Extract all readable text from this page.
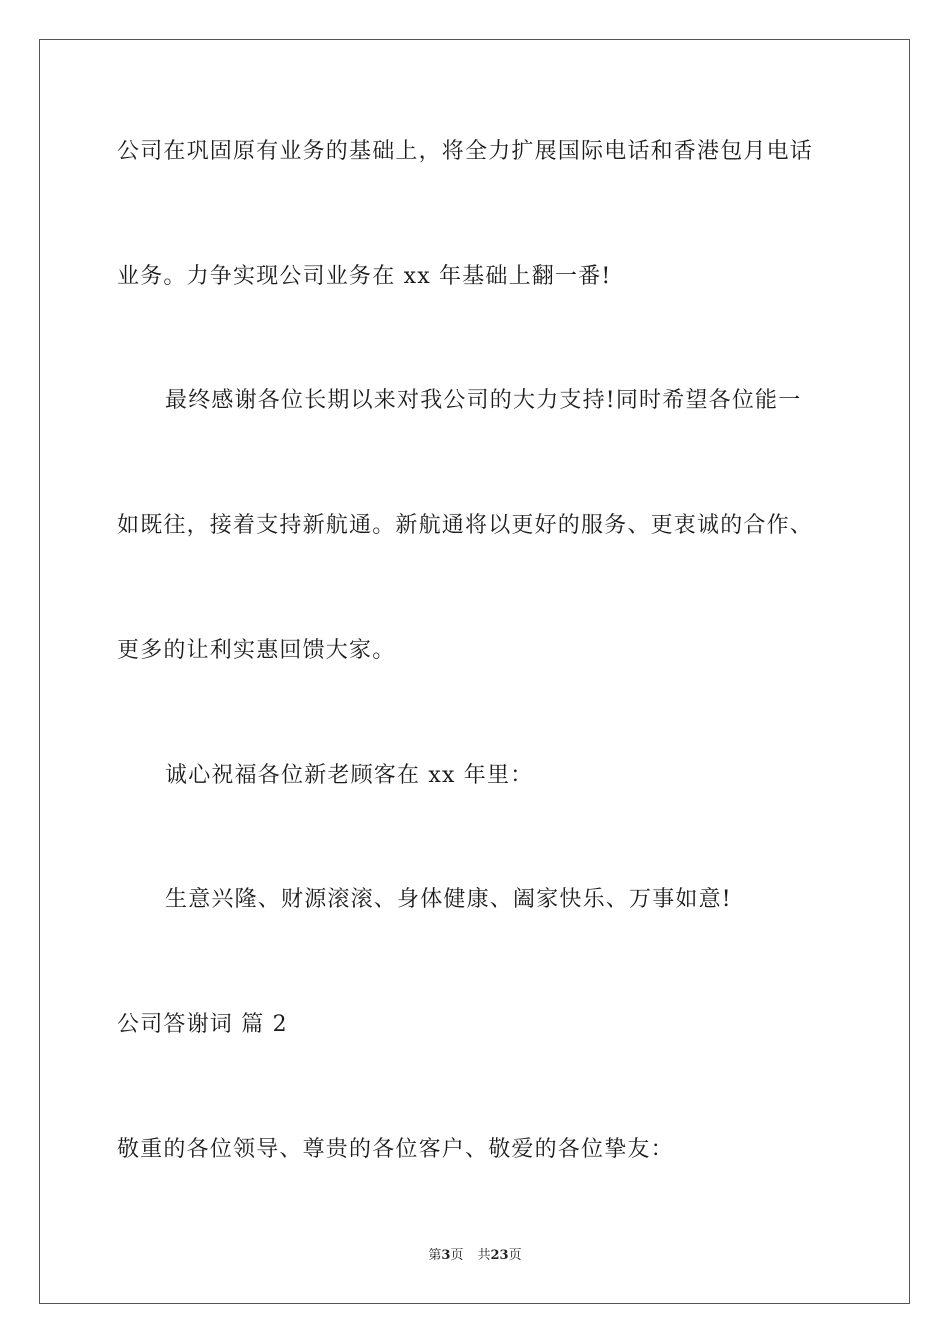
公司在巩固原有业务的基础上，将全力扩展国际电话和香港包月电话
业务。力争实现公司业务在 xx 年基础上翻一番!
最终感谢各位长期以来对我公司的大力支持!同时希望各位能一
如既往，接着支持新航通。新航通将以更好的服务、更衷诚的合作、
更多的让利实惠回馈大家。
诚心祝福各位新老顾客在 xx 年里：
生意兴隆、财源滚滚、身体健康、阖家快乐、万事如意!
公司答谢词 篇 2
敬重的各位领导、尊贵的各位客户、敬爱的各位挚友：
第3页 共23页
